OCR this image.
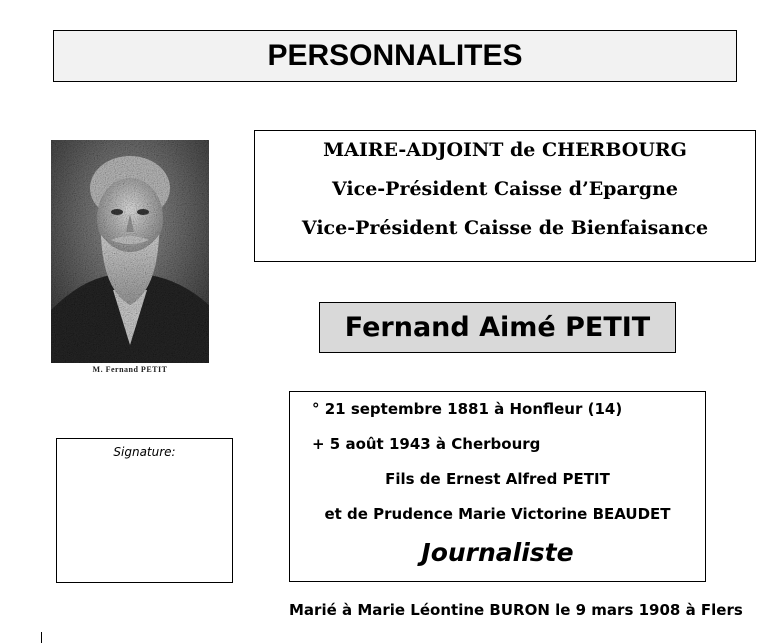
PERSONNALITES
M. Fernand PETIT
MAIRE-ADJOINT de CHERBOURG
Vice-Président Caisse d’Epargne
Vice-Président Caisse de Bienfaisance
Fernand Aimé PETIT
Signature:
° 21 septembre 1881 à Honfleur (14)
+ 5 août 1943 à Cherbourg
Fils de Ernest Alfred PETIT
et de Prudence Marie Victorine BEAUDET
Journaliste
Marié à Marie Léontine BURON le 9 mars 1908 à Flers
